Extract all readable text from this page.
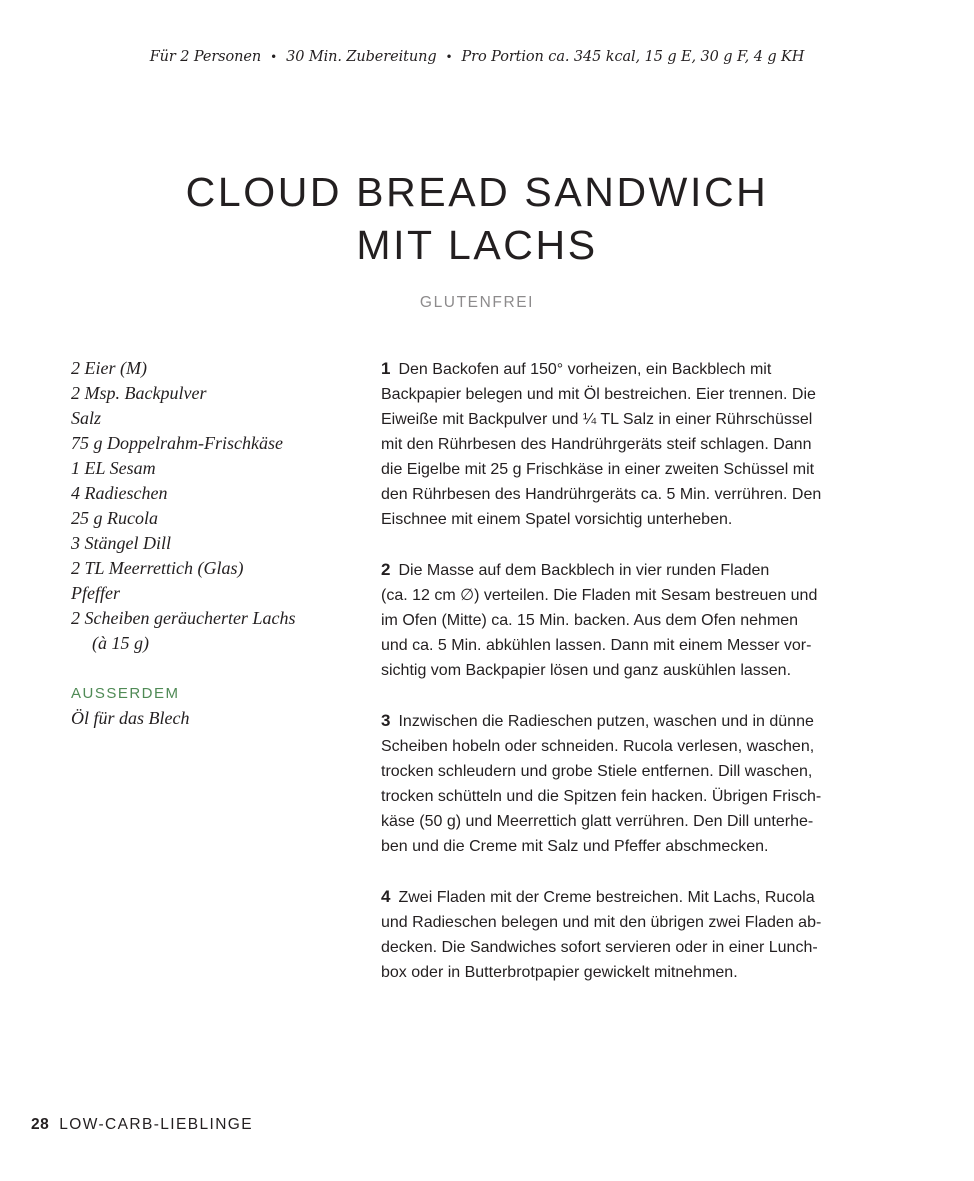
Für 2 Personen • 30 Min. Zubereitung • Pro Portion ca. 345 kcal, 15 g E, 30 g F, 4 g KH
CLOUD BREAD SANDWICH
MIT LACHS
GLUTENFREI

2 Eier (M)

2 Msp. Backpulver

Salz

75 g Doppelrahm-Frischkäse

1 EL Sesam

4 Radieschen

25 g Rucola

3 Stängel Dill

2 TL Meerrettich (Glas)

Pfeffer

2 Scheiben geräucherter Lachs

(à 15 g)

AUSSERDEM

Öl für das Blech

1 Den Backofen auf 150° vorheizen, ein Backblech mit
Backpapier belegen und mit Öl bestreichen. Eier trennen. Die
Eiweiße mit Backpulver und ¼ TL Salz in einer Rührschüssel
mit den Rührbesen des Handrührgeräts steif schlagen. Dann
die Eigelbe mit 25 g Frischkäse in einer zweiten Schüssel mit
den Rührbesen des Handrührgeräts ca. 5 Min. verrühren. Den
Eischnee mit einem Spatel vorsichtig unterheben.
2 Die Masse auf dem Backblech in vier runden Fladen
(ca. 12 cm ∅) verteilen. Die Fladen mit Sesam bestreuen und
im Ofen (Mitte) ca. 15 Min. backen. Aus dem Ofen nehmen
und ca. 5 Min. abkühlen lassen. Dann mit einem Messer vor-
sichtig vom Backpapier lösen und ganz auskühlen lassen.
3 Inzwischen die Radieschen putzen, waschen und in dünne
Scheiben hobeln oder schneiden. Rucola verlesen, waschen,
trocken schleudern und grobe Stiele entfernen. Dill waschen,
trocken schütteln und die Spitzen fein hacken. Übrigen Frisch-
käse (50 g) und Meerrettich glatt verrühren. Den Dill unterhe-
ben und die Creme mit Salz und Pfeffer abschmecken.
4 Zwei Fladen mit der Creme bestreichen. Mit Lachs, Rucola
und Radieschen belegen und mit den übrigen zwei Fladen ab-
decken. Die Sandwiches sofort servieren oder in einer Lunch-
box oder in Butterbrotpapier gewickelt mitnehmen.
28 LOW-CARB-LIEBLINGE
